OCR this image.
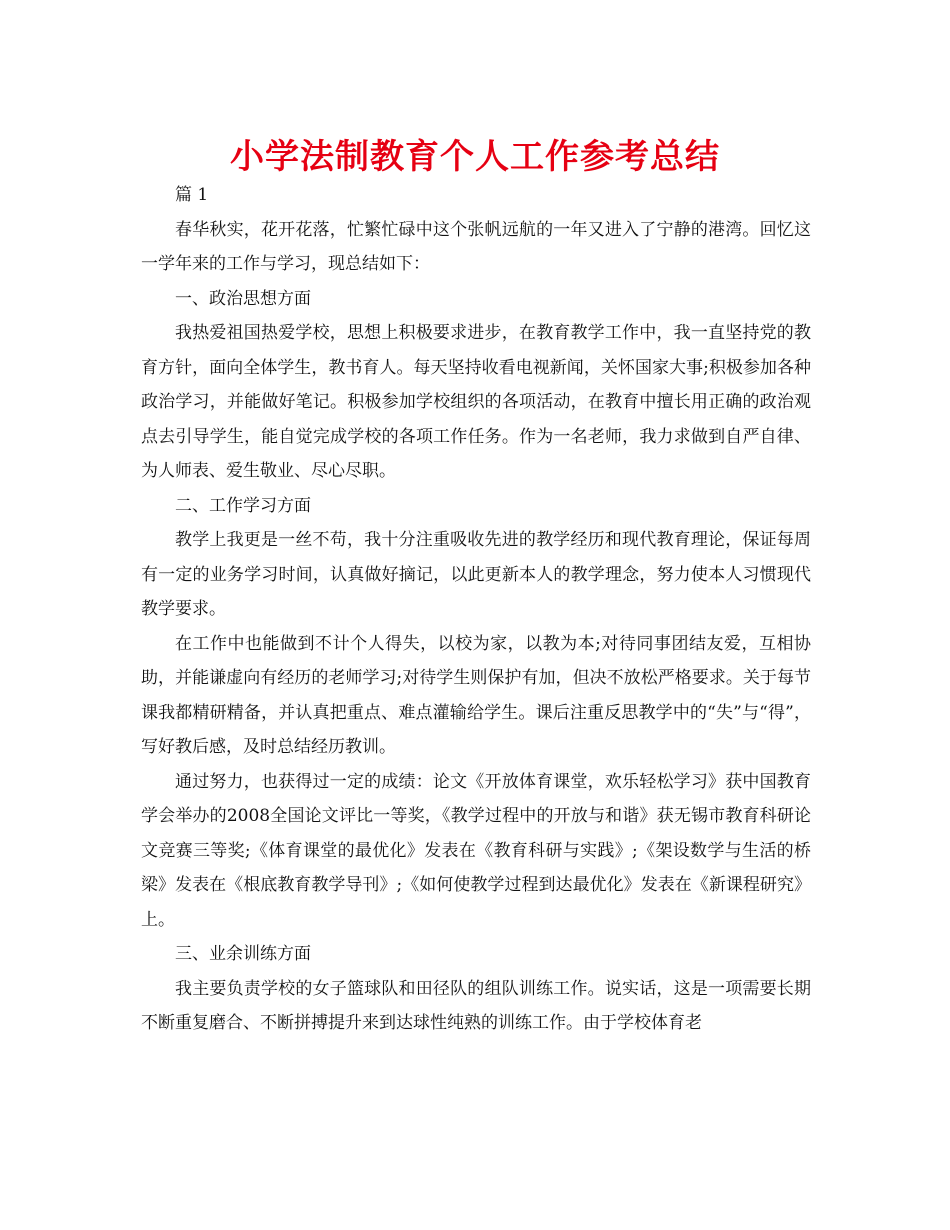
小学法制教育个人工作参考总结

篇 1

春华秋实，花开花落，忙繁忙碌中这个张帆远航的一年又进入了宁静的港湾。回忆这一学年来的工作与学习，现总结如下：

一、政治思想方面

我热爱祖国热爱学校，思想上积极要求进步，在教育教学工作中，我一直坚持党的教育方针，面向全体学生，教书育人。每天坚持收看电视新闻，关怀国家大事;积极参加各种政治学习，并能做好笔记。积极参加学校组织的各项活动，在教育中擅长用正确的政治观点去引导学生，能自觉完成学校的各项工作任务。作为一名老师，我力求做到自严自律、为人师表、爱生敬业、尽心尽职。

二、工作学习方面

教学上我更是一丝不苟，我十分注重吸收先进的教学经历和现代教育理论，保证每周有一定的业务学习时间，认真做好摘记，以此更新本人的教学理念，努力使本人习惯现代教学要求。

在工作中也能做到不计个人得失，以校为家，以教为本;对待同事团结友爱，互相协助，并能谦虚向有经历的老师学习;对待学生则保护有加，但决不放松严格要求。关于每节课我都精研精备，并认真把重点、难点灌输给学生。课后注重反思教学中的“失”与“得”，写好教后感，及时总结经历教训。

通过努力，也获得过一定的成绩：论文《开放体育课堂，欢乐轻松学习》获中国教育学会举办的2008全国论文评比一等奖，《教学过程中的开放与和谐》获无锡市教育科研论文竞赛三等奖;《体育课堂的最优化》发表在《教育科研与实践》;《架设数学与生活的桥梁》发表在《根底教育教学导刊》;《如何使教学过程到达最优化》发表在《新课程研究》上。

三、业余训练方面

我主要负责学校的女子篮球队和田径队的组队训练工作。说实话，这是一项需要长期不断重复磨合、不断拼搏提升来到达球性纯熟的训练工作。由于学校体育老
